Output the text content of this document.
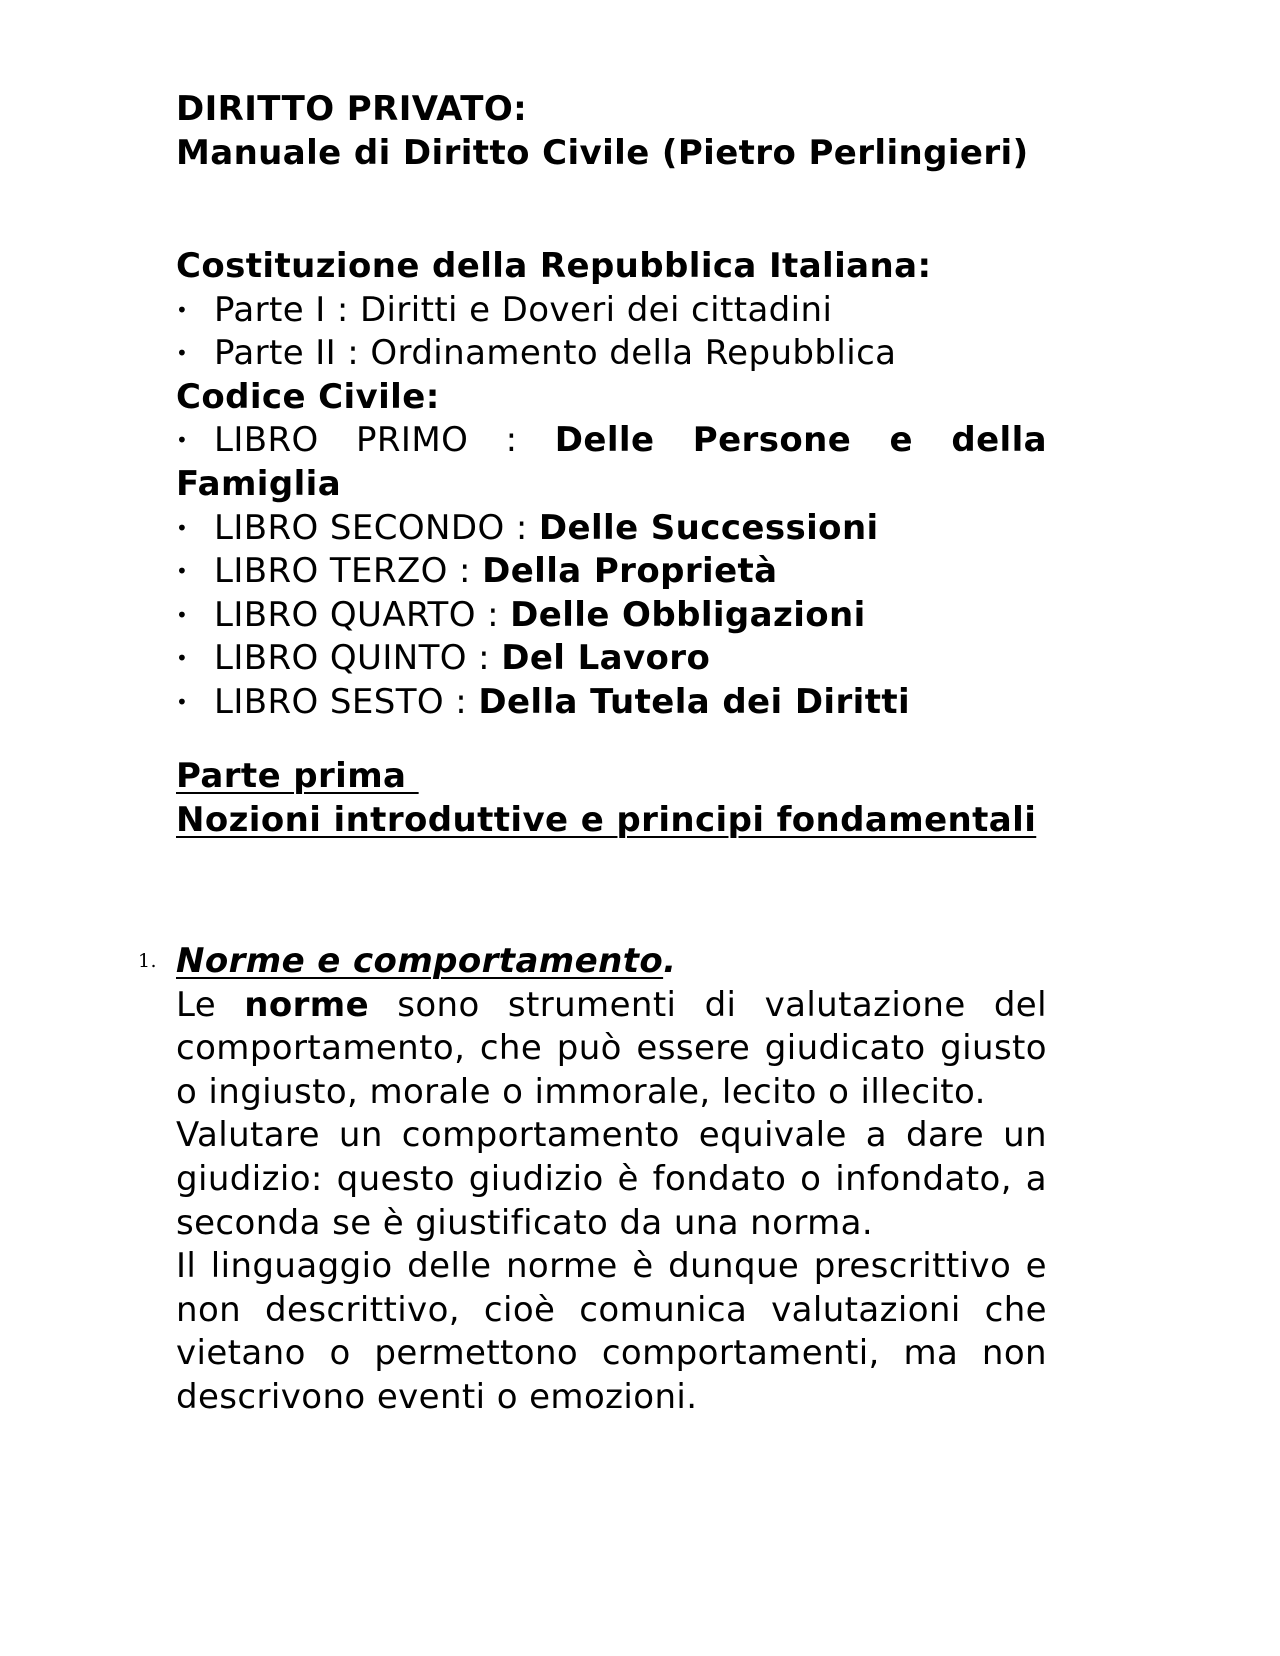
DIRITTO PRIVATO:

Manuale di Diritto Civile (Pietro Perlingieri)

Costituzione della Repubblica Italiana:

• Parte I : Diritti e Doveri dei cittadini
• Parte II : Ordinamento della Repubblica

Codice Civile:

• LIBRO PRIMO : Delle Persone e della Famiglia
• LIBRO SECONDO : Delle Successioni
• LIBRO TERZO : Della Proprietà
• LIBRO QUARTO : Delle Obbligazioni
• LIBRO QUINTO : Del Lavoro
• LIBRO SESTO : Della Tutela dei Diritti

Parte prima

Nozioni introduttive e principi fondamentali

1. Norme e comportamento.

Le norme sono strumenti di valutazione del comportamento, che può essere giudicato giusto o ingiusto, morale o immorale, lecito o illecito.

Valutare un comportamento equivale a dare un giudizio: questo giudizio è fondato o infondato, a seconda se è giustificato da una norma.

Il linguaggio delle norme è dunque prescrittivo e non descrittivo, cioè comunica valutazioni che vietano o permettono comportamenti, ma non descrivono eventi o emozioni.
